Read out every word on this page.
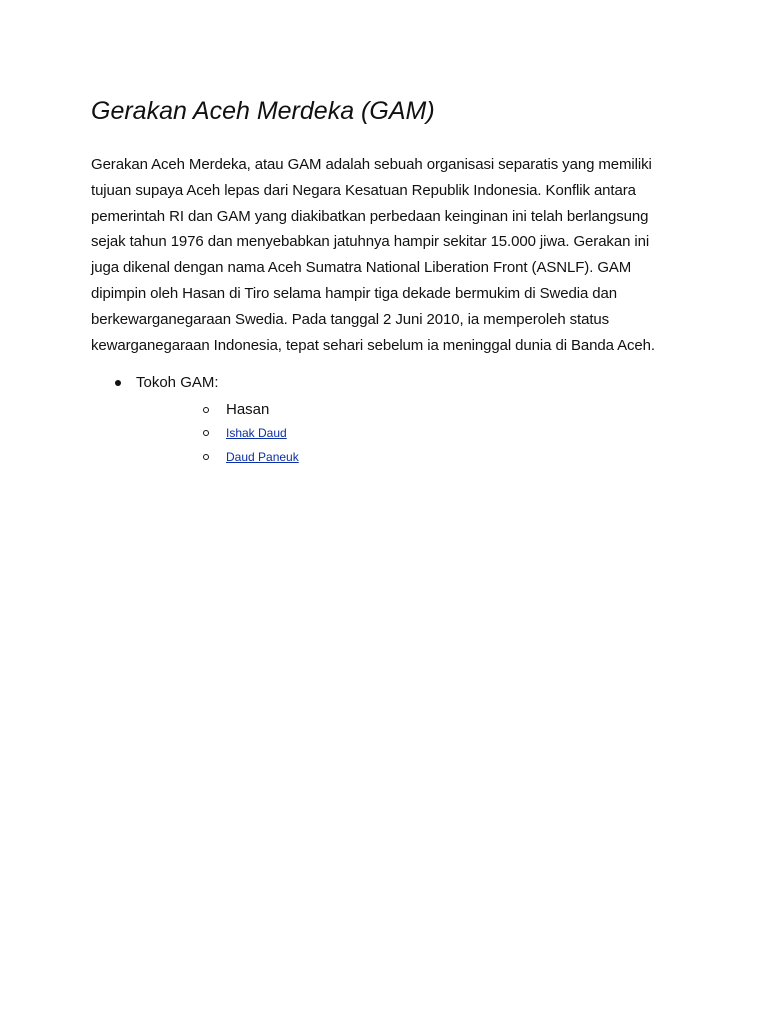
Gerakan Aceh Merdeka (GAM)

Gerakan Aceh Merdeka, atau GAM adalah sebuah organisasi separatis yang memiliki tujuan supaya Aceh lepas dari Negara Kesatuan Republik Indonesia. Konflik antara pemerintah RI dan GAM yang diakibatkan perbedaan keinginan ini telah berlangsung sejak tahun 1976 dan menyebabkan jatuhnya hampir sekitar 15.000 jiwa. Gerakan ini juga dikenal dengan nama Aceh Sumatra National Liberation Front (ASNLF). GAM dipimpin oleh Hasan di Tiro selama hampir tiga dekade bermukim di Swedia dan berkewarganegaraan Swedia. Pada tanggal 2 Juni 2010, ia memperoleh status kewarganegaraan Indonesia, tepat sehari sebelum ia meninggal dunia di Banda Aceh.

Tokoh GAM:
Hasan
Ishak Daud
Daud Paneuk
